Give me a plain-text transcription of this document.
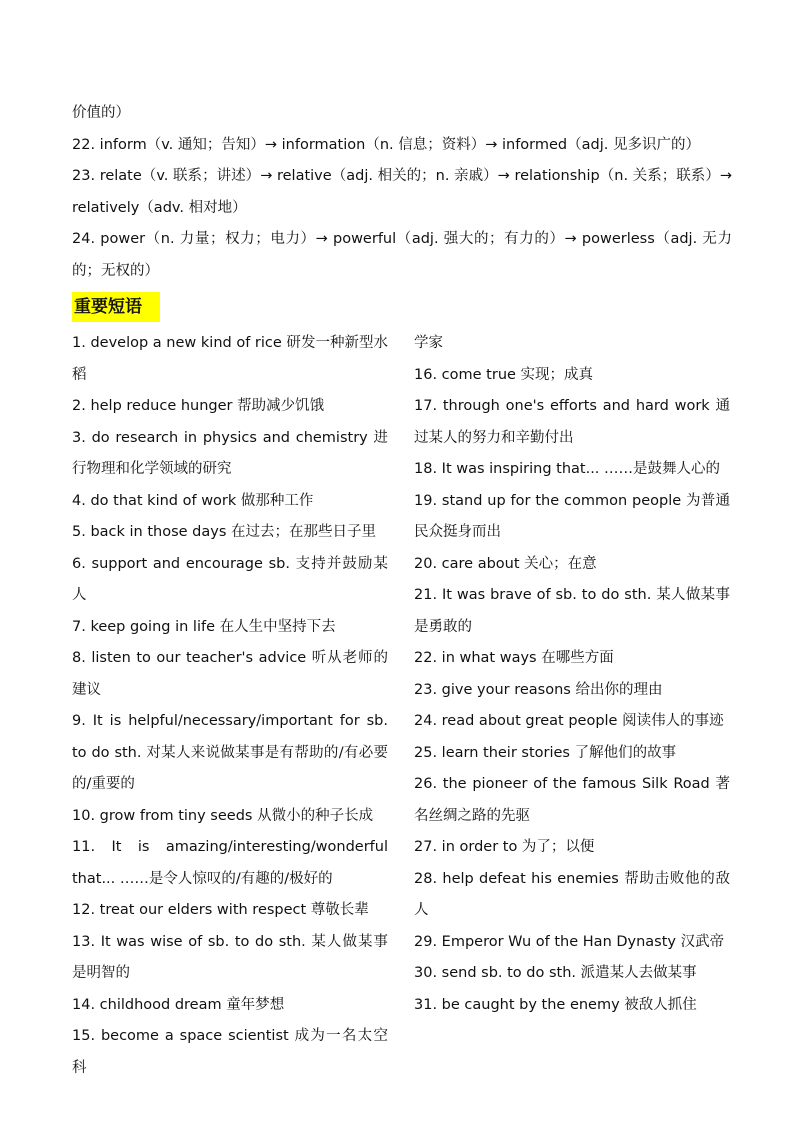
价值的）

22. inform（v. 通知；告知）→ information（n. 信息；资料）→ informed（adj. 见多识广的）

23. relate（v. 联系；讲述）→ relative（adj. 相关的；n. 亲戚）→ relationship（n. 关系；联系）→ relatively（adv. 相对地）

24. power（n. 力量；权力；电力）→ powerful（adj. 强大的；有力的）→ powerless（adj. 无力的；无权的）

重要短语

1. develop a new kind of rice 研发一种新型水稻

2. help reduce hunger 帮助减少饥饿

3. do research in physics and chemistry 进行物理和化学领域的研究

4. do that kind of work 做那种工作

5. back in those days 在过去；在那些日子里

6. support and encourage sb. 支持并鼓励某人

7. keep going in life 在人生中坚持下去

8. listen to our teacher's advice 听从老师的建议

9. It is helpful/necessary/important for sb. to do sth. 对某人来说做某事是有帮助的/有必要的/重要的

10. grow from tiny seeds 从微小的种子长成

11. It is amazing/interesting/wonderful that... ……是令人惊叹的/有趣的/极好的

12. treat our elders with respect 尊敬长辈

13. It was wise of sb. to do sth. 某人做某事是明智的

14. childhood dream 童年梦想

15. become a space scientist 成为一名太空科

学家

16. come true 实现；成真

17. through one's efforts and hard work 通过某人的努力和辛勤付出

18. It was inspiring that... ……是鼓舞人心的

19. stand up for the common people 为普通民众挺身而出

20. care about 关心；在意

21. It was brave of sb. to do sth. 某人做某事是勇敢的

22. in what ways 在哪些方面

23. give your reasons 给出你的理由

24. read about great people 阅读伟人的事迹

25. learn their stories 了解他们的故事

26. the pioneer of the famous Silk Road 著名丝绸之路的先驱

27. in order to 为了；以便

28. help defeat his enemies 帮助击败他的敌人

29. Emperor Wu of the Han Dynasty 汉武帝

30. send sb. to do sth. 派遣某人去做某事

31. be caught by the enemy 被敌人抓住
